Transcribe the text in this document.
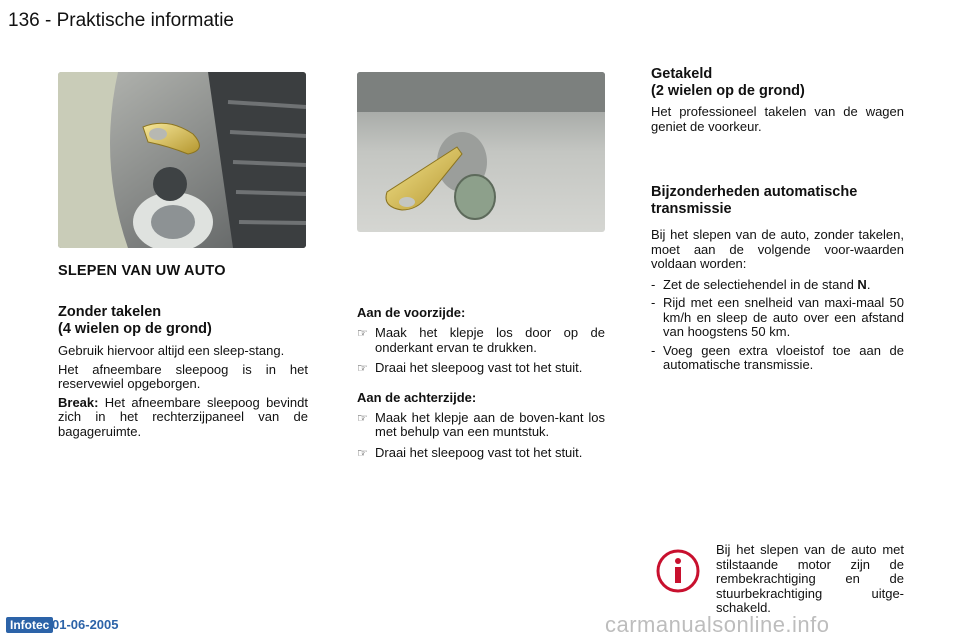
136 - Praktische informatie
SLEPEN VAN UW AUTO
Zonder takelen
(4 wielen op de grond)

Gebruik hiervoor altijd een sleep-stang.

Het afneembare sleepoog is in het reservewiel opgeborgen.

Break: Het afneembare sleepoog bevindt zich in het rechterzijpaneel van de bagageruimte.

Aan de voorzijde:
☞ Maak het klepje los door op de onderkant ervan te drukken.
☞ Draai het sleepoog vast tot het stuit.
Aan de achterzijde:
☞ Maak het klepje aan de boven-kant los met behulp van een muntstuk.
☞ Draai het sleepoog vast tot het stuit.
Getakeld
(2 wielen op de grond)

Het professioneel takelen van de wagen geniet de voorkeur.

Bijzonderheden automatische
transmissie

Bij het slepen van de auto, zonder takelen, moet aan de volgende voor-waarden voldaan worden:

- Zet de selectiehendel in de stand N.
- Rijd met een snelheid van maxi-maal 50 km/h en sleep de auto over een afstand van hoogstens 50 km.
- Voeg geen extra vloeistof toe aan de automatische transmissie.

Bij het slepen van de auto met stilstaande motor zijn de rembekrachtiging en de stuurbekrachtiging uitge-schakeld.

Infotec 01-06-2005	carmanualsonline.info
